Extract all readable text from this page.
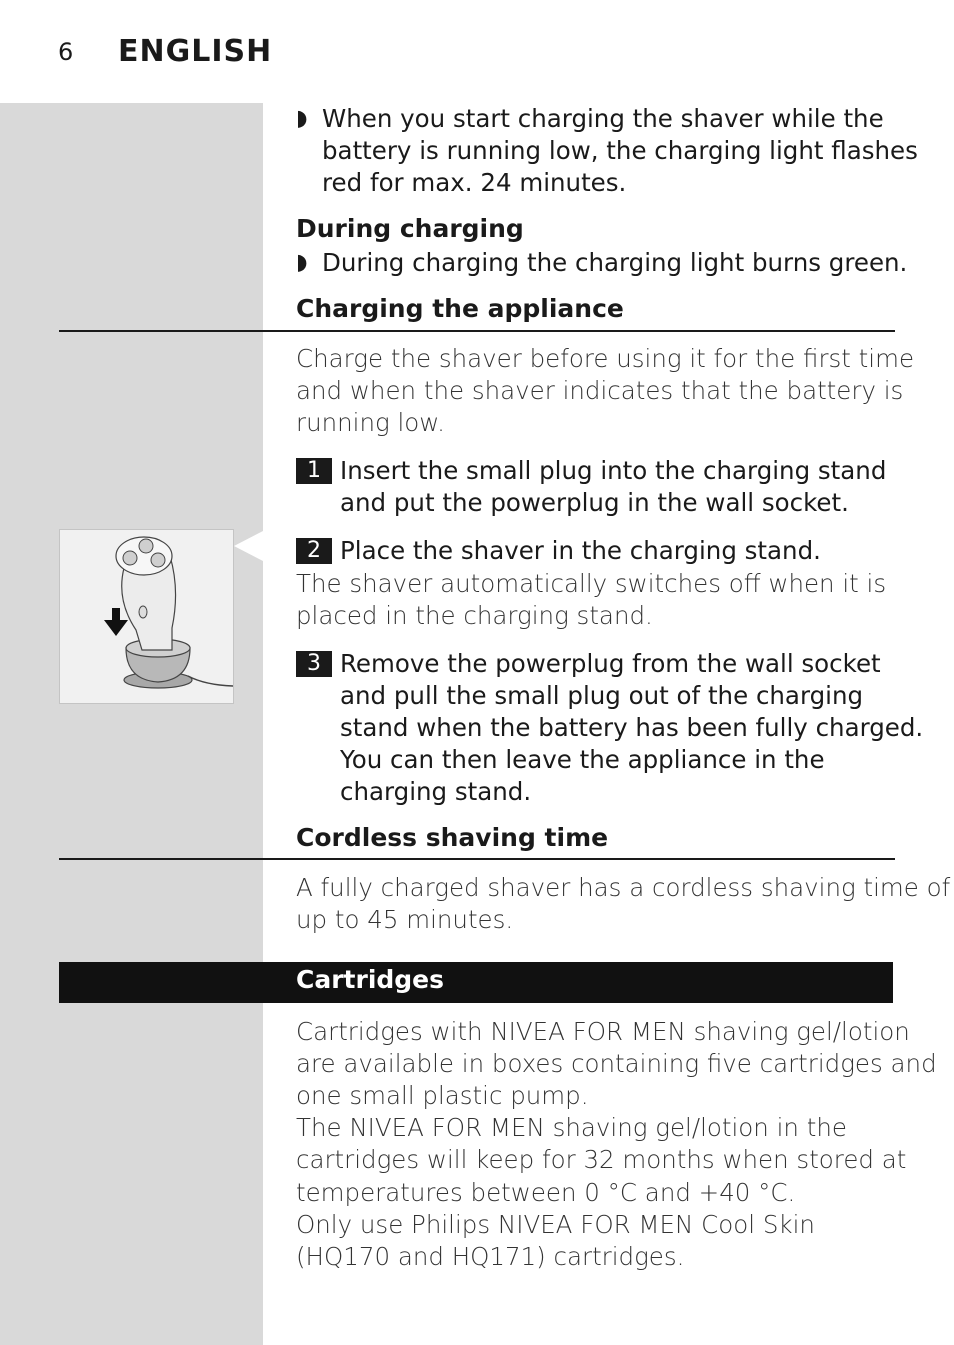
6 ENGLISH
◗ When you start charging the shaver while the
battery is running low, the charging light flashes
red for max. 24 minutes.
During charging
◗ During charging the charging light burns green.
Charging the appliance
Charge the shaver before using it for the first time
and when the shaver indicates that the battery is
running low.
1 Insert the small plug into the charging stand
and put the powerplug in the wall socket.
2 Place the shaver in the charging stand.
The shaver automatically switches off when it is
placed in the charging stand.
3 Remove the powerplug from the wall socket
and pull the small plug out of the charging
stand when the battery has been fully charged.
You can then leave the appliance in the
charging stand.
Cordless shaving time
A fully charged shaver has a cordless shaving time of
up to 45 minutes.
Cartridges
Cartridges with NIVEA FOR MEN shaving gel/lotion
are available in boxes containing five cartridges and
one small plastic pump.
The NIVEA FOR MEN shaving gel/lotion in the
cartridges will keep for 32 months when stored at
temperatures between 0 °C and +40 °C.
Only use Philips NIVEA FOR MEN Cool Skin
(HQ170 and HQ171) cartridges.
